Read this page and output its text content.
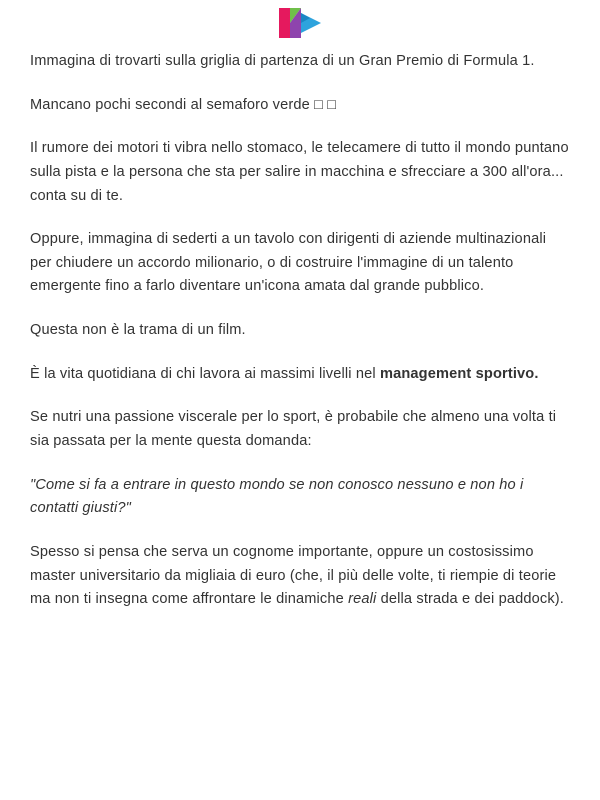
Immagina di trovarti sulla griglia di partenza di un Gran Premio di Formula 1.

Mancano pochi secondi al semaforo verde □ □

Il rumore dei motori ti vibra nello stomaco, le telecamere di tutto il mondo puntano sulla pista e la persona che sta per salire in macchina e sfrecciare a 300 all'ora... conta su di te.

Oppure, immagina di sederti a un tavolo con dirigenti di aziende multinazionali per chiudere un accordo milionario, o di costruire l'immagine di un talento emergente fino a farlo diventare un'icona amata dal grande pubblico.

Questa non è la trama di un film.

È la vita quotidiana di chi lavora ai massimi livelli nel management sportivo.

Se nutri una passione viscerale per lo sport, è probabile che almeno una volta ti sia passata per la mente questa domanda:

"Come si fa a entrare in questo mondo se non conosco nessuno e non ho i contatti giusti?"

Spesso si pensa che serva un cognome importante, oppure un costosissimo master universitario da migliaia di euro (che, il più delle volte, ti riempie di teorie ma non ti insegna come affrontare le dinamiche reali della strada e dei paddock).
